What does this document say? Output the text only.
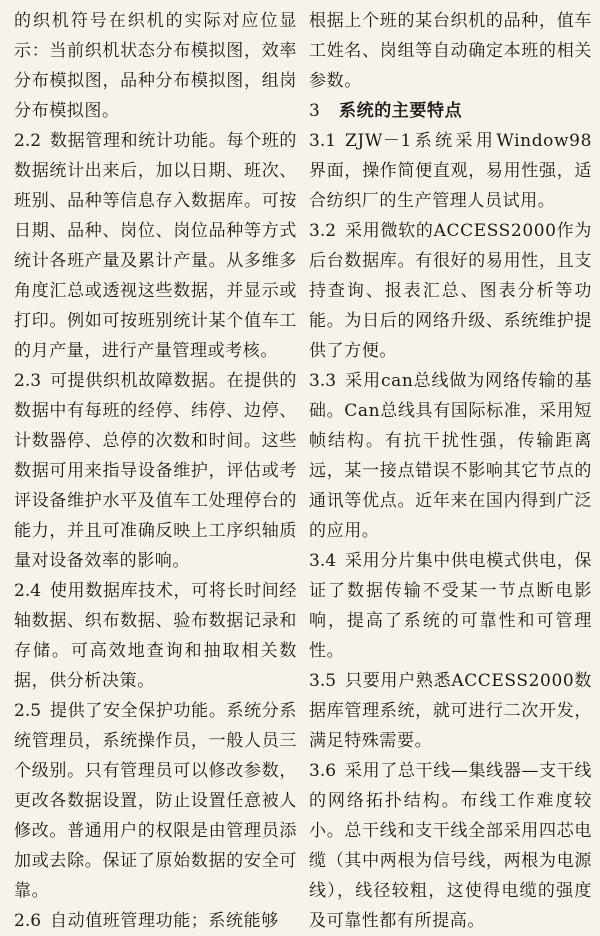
的织机符号在织机的实际对应位显示：当前织机状态分布模拟图，效率分布模拟图，品种分布模拟图，组岗分布模拟图。

2.2 数据管理和统计功能。每个班的数据统计出来后，加以日期、班次、班别、品种等信息存入数据库。可按日期、品种、岗位、岗位品种等方式统计各班产量及累计产量。从多维多角度汇总或透视这些数据，并显示或打印。例如可按班别统计某个值车工的月产量，进行产量管理或考核。

2.3 可提供织机故障数据。在提供的数据中有每班的经停、纬停、边停、计数器停、总停的次数和时间。这些数据可用来指导设备维护，评估或考评设备维护水平及值车工处理停台的能力，并且可准确反映上工序织轴质量对设备效率的影响。

2.4 使用数据库技术，可将长时间经轴数据、织布数据、验布数据记录和存储。可高效地查询和抽取相关数据，供分析决策。

2.5 提供了安全保护功能。系统分系统管理员，系统操作员，一般人员三个级别。只有管理员可以修改参数，更改各数据设置，防止设置任意被人修改。普通用户的权限是由管理员添加或去除。保证了原始数据的安全可靠。

2.6 自动值班管理功能；系统能够

根据上个班的某台织机的品种，值车工姓名、岗组等自动确定本班的相关参数。

3 系统的主要特点

3.1 ZJW－1系统采用Window98界面，操作简便直观，易用性强，适合纺织厂的生产管理人员试用。

3.2 采用微软的ACCESS2000作为后台数据库。有很好的易用性，且支持查询、报表汇总、图表分析等功能。为日后的网络升级、系统维护提供了方便。

3.3 采用can总线做为网络传输的基础。Can总线具有国际标准，采用短帧结构。有抗干扰性强，传输距离远，某一接点错误不影响其它节点的通讯等优点。近年来在国内得到广泛的应用。

3.4 采用分片集中供电模式供电，保证了数据传输不受某一节点断电影响，提高了系统的可靠性和可管理性。

3.5 只要用户熟悉ACCESS2000数据库管理系统，就可进行二次开发，满足特殊需要。

3.6 采用了总干线—集线器—支干线的网络拓扑结构。布线工作难度较小。总干线和支干线全部采用四芯电缆（其中两根为信号线，两根为电源线），线径较粗，这使得电缆的强度及可靠性都有所提高。
